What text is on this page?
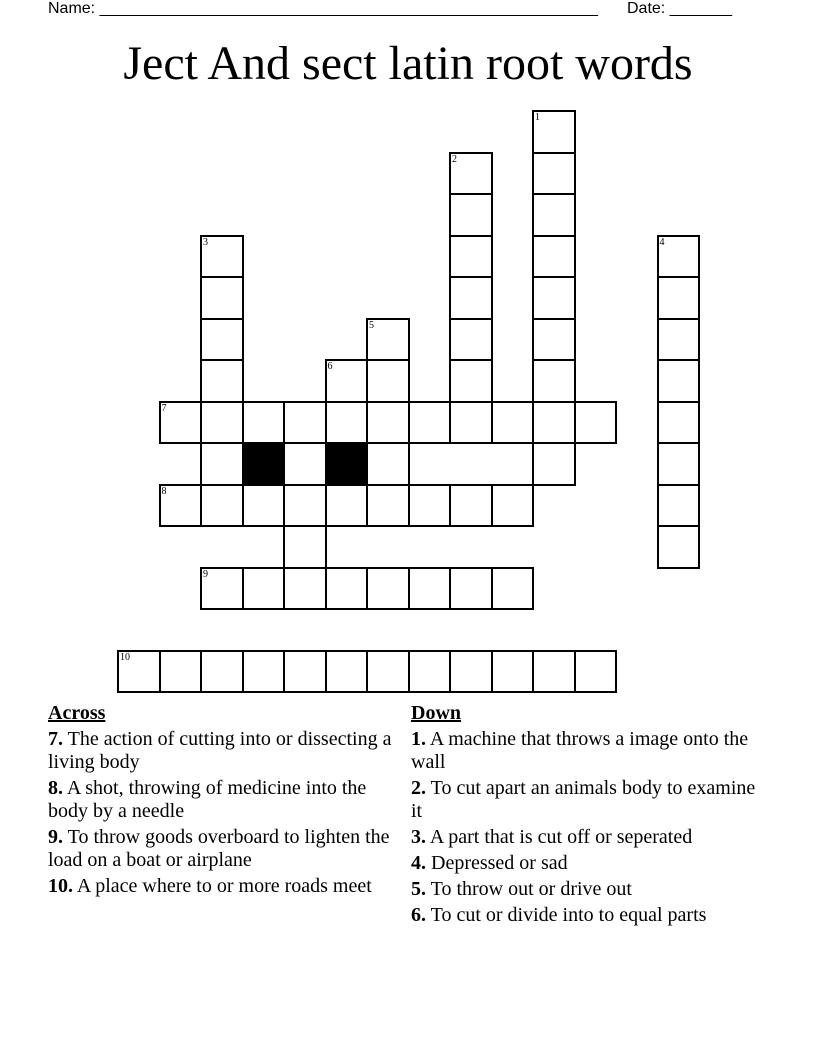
Name: ________________________________________________________ Date: _______
Ject And sect latin root words
1
2
3	4
5
6
7
8
9
10
Across
7. The action of cutting into or dissecting a living body
8. A shot, throwing of medicine into the body by a needle
9. To throw goods overboard to lighten the load on a boat or airplane
10. A place where to or more roads meet
Down
1. A machine that throws a image onto the wall
2. To cut apart an animals body to examine it
3. A part that is cut off or seperated
4. Depressed or sad
5. To throw out or drive out
6. To cut or divide into to equal parts
